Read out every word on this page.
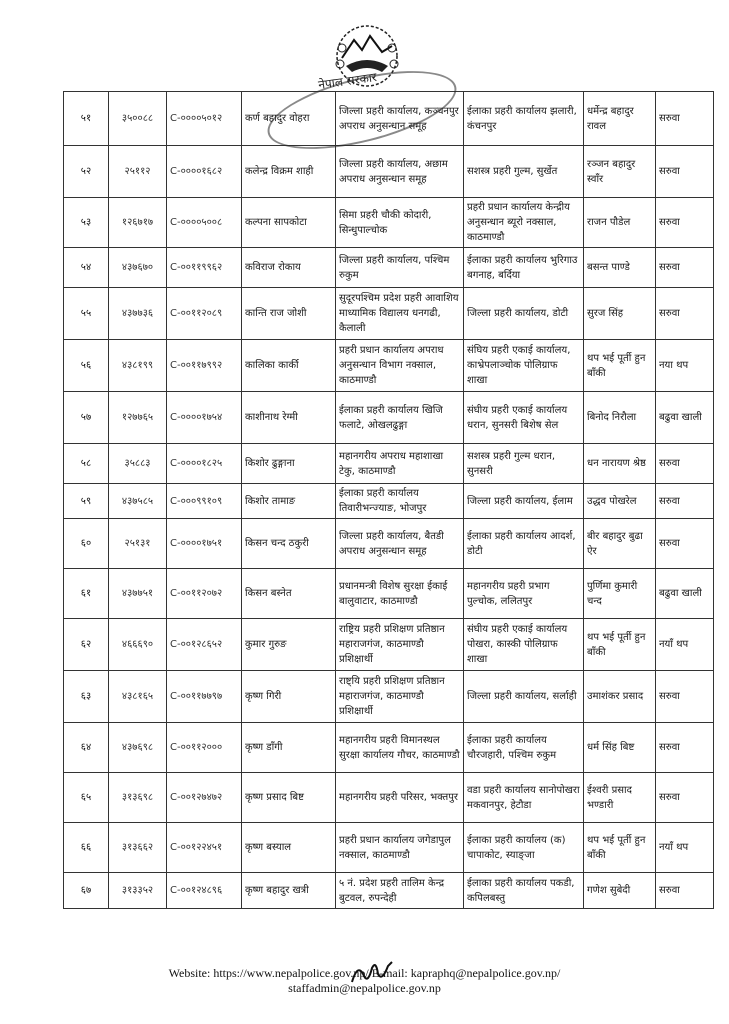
नेपाल सरकार
५१	३५००८८	C-००००५०१२	कर्ण बहादुर वोहरा	जिल्ला प्रहरी कार्यालय, कञ्चनपुर अपराध अनुसन्धान समूह	ईलाका प्रहरी कार्यालय झलारी, कंचनपुर	धर्मेन्द्र बहादुर रावल	सरुवा
५२	२५११२	C-००००१६८२	कलेन्द्र विक्रम शाही	जिल्ला प्रहरी कार्यालय, अछाम अपराध अनुसन्धान समूह	सशस्त्र प्रहरी गुल्म, सुर्खेत	रञ्जन बहादुर स्वाँर	सरुवा
५३	१२६७१७	C-००००५००८	कल्पना सापकोटा	सिमा प्रहरी चौकी कोदारी, सिन्धुपाल्चोक	प्रहरी प्रधान कार्यालय केन्द्रीय अनुसन्धान ब्यूरो नक्साल, काठमाण्डौ	राजन पौडेल	सरुवा
५४	४३७६७०	C-००११९९६२	कविराज रोकाय	जिल्ला प्रहरी कार्यालय, पश्चिम रुकुम	ईलाका प्रहरी कार्यालय भुरिगाउ बगनाह, बर्दिया	बसन्त पाण्डे	सरुवा
५५	४३७७३६	C-००११२०८९	कान्ति राज जोशी	सुदूरपश्चिम प्रदेश प्रहरी आवाशिय माध्यामिक विद्यालय धनगढी, कैलाली	जिल्ला प्रहरी कार्यालय, डोटी	सुरज सिंह	सरुवा
५६	४३८१९९	C-००११७९९२	कालिका कार्की	प्रहरी प्रधान कार्यालय अपराध अनुसन्धान विभाग नक्साल, काठमाण्डौ	संघिय प्रहरी एकाई कार्यालय, काभ्रेपलाञ्चोक पोलिग्राफ शाखा	थप भई पूर्ती हुन बाँकी	नया थप
५७	१२७७६५	C-००००१७५४	काशीनाथ रेग्मी	ईलाका प्रहरी कार्यालय खिजि फलाटे, ओखलढुङ्गा	संघीय प्रहरी एकाई कार्यालय धरान, सुनसरी बिशेष सेल	बिनोद निरौला	बढुवा खाली
५८	३५८८३	C-००००१८२५	किशोर ढुङ्गाना	महानगरीय अपराध महाशाखा टेकु, काठमाण्डौ	सशस्त्र प्रहरी गुल्म धरान, सुनसरी	धन नारायण श्रेष्ठ	सरुवा
५९	४३७५८५	C-०००९९१०९	किशोर तामाङ	ईलाका प्रहरी कार्यालय तिवारीभन्ज्याङ, भोजपुर	जिल्ला प्रहरी कार्यालय, ईलाम	उद्धव पोखरेल	सरुवा
६०	२५१३१	C-००००१७५१	किसन चन्द ठकुरी	जिल्ला प्रहरी कार्यालय, बैतडी अपराध अनुसन्धान समूह	ईलाका प्रहरी कार्यालय आदर्श, डोटी	बीर बहादुर बुढा ऐर	सरुवा
६१	४३७७५१	C-००११२०७२	किसन बस्नेत	प्रधानमन्त्री विशेष सुरक्षा ईकाई बालुवाटार, काठमाण्डौ	महानगरीय प्रहरी प्रभाग पुल्चोक, ललितपुर	पुर्णिमा कुमारी चन्द	बढुवा खाली
६२	४६६६९०	C-००१२८६५२	कुमार गुरुङ	राष्ट्रिय प्रहरी प्रशिक्षण प्रतिष्ठान महाराजगंज, काठमाण्डौ प्रशिक्षार्थी	संघीय प्रहरी एकाई कार्यालय पोखरा, कास्की पोलिग्राफ शाखा	थप भई पूर्ती हुन बाँकी	नयाँ थप
६३	४३८१६५	C-००११७७९७	कृष्ण गिरी	राष्ट्यि प्रहरी प्रशिक्षण प्रतिष्ठान महाराजगंज, काठमाण्डौ प्रशिक्षार्थी	जिल्ला प्रहरी कार्यालय, सर्लाही	उमाशंकर प्रसाद	सरुवा
६४	४३७६९८	C-००११२०००	कृष्ण डाँगी	महानगरीय प्रहरी विमानस्थल सुरक्षा कार्यालय गौचर, काठमाण्डौ	ईलाका प्रहरी कार्यालय चौरजहारी, पश्चिम रुकुम	धर्म सिंह बिष्ट	सरुवा
६५	३१३६९८	C-००१२७४७२	कृष्ण प्रसाद बिष्ट	महानगरीय प्रहरी परिसर, भक्तपुर	वडा प्रहरी कार्यालय सानोपोखरा मकवानपुर, हेटौडा	ईश्वरी प्रसाद भण्डारी	सरुवा
६६	३१३६६२	C-००१२२४५१	कृष्ण बस्याल	प्रहरी प्रधान कार्यालय जगेडापुल नक्साल, काठमाण्डौ	ईलाका प्रहरी कार्यालय (क) चापाकोट, स्याङ्जा	थप भई पूर्ती हुन बाँकी	नयाँ थप
६७	३१३३५२	C-००१२४८९६	कृष्ण बहादुर खत्री	५ नं. प्रदेश प्रहरी तालिम केन्द्र बुटवल, रुपन्देही	ईलाका प्रहरी कार्यालय पकडी, कपिलबस्तु	गणेश सुबेदी	सरुवा
Website: https://www.nepalpolice.gov.np/ E-mail: kapraphq@nepalpolice.gov.np/
staffadmin@nepalpolice.gov.np
